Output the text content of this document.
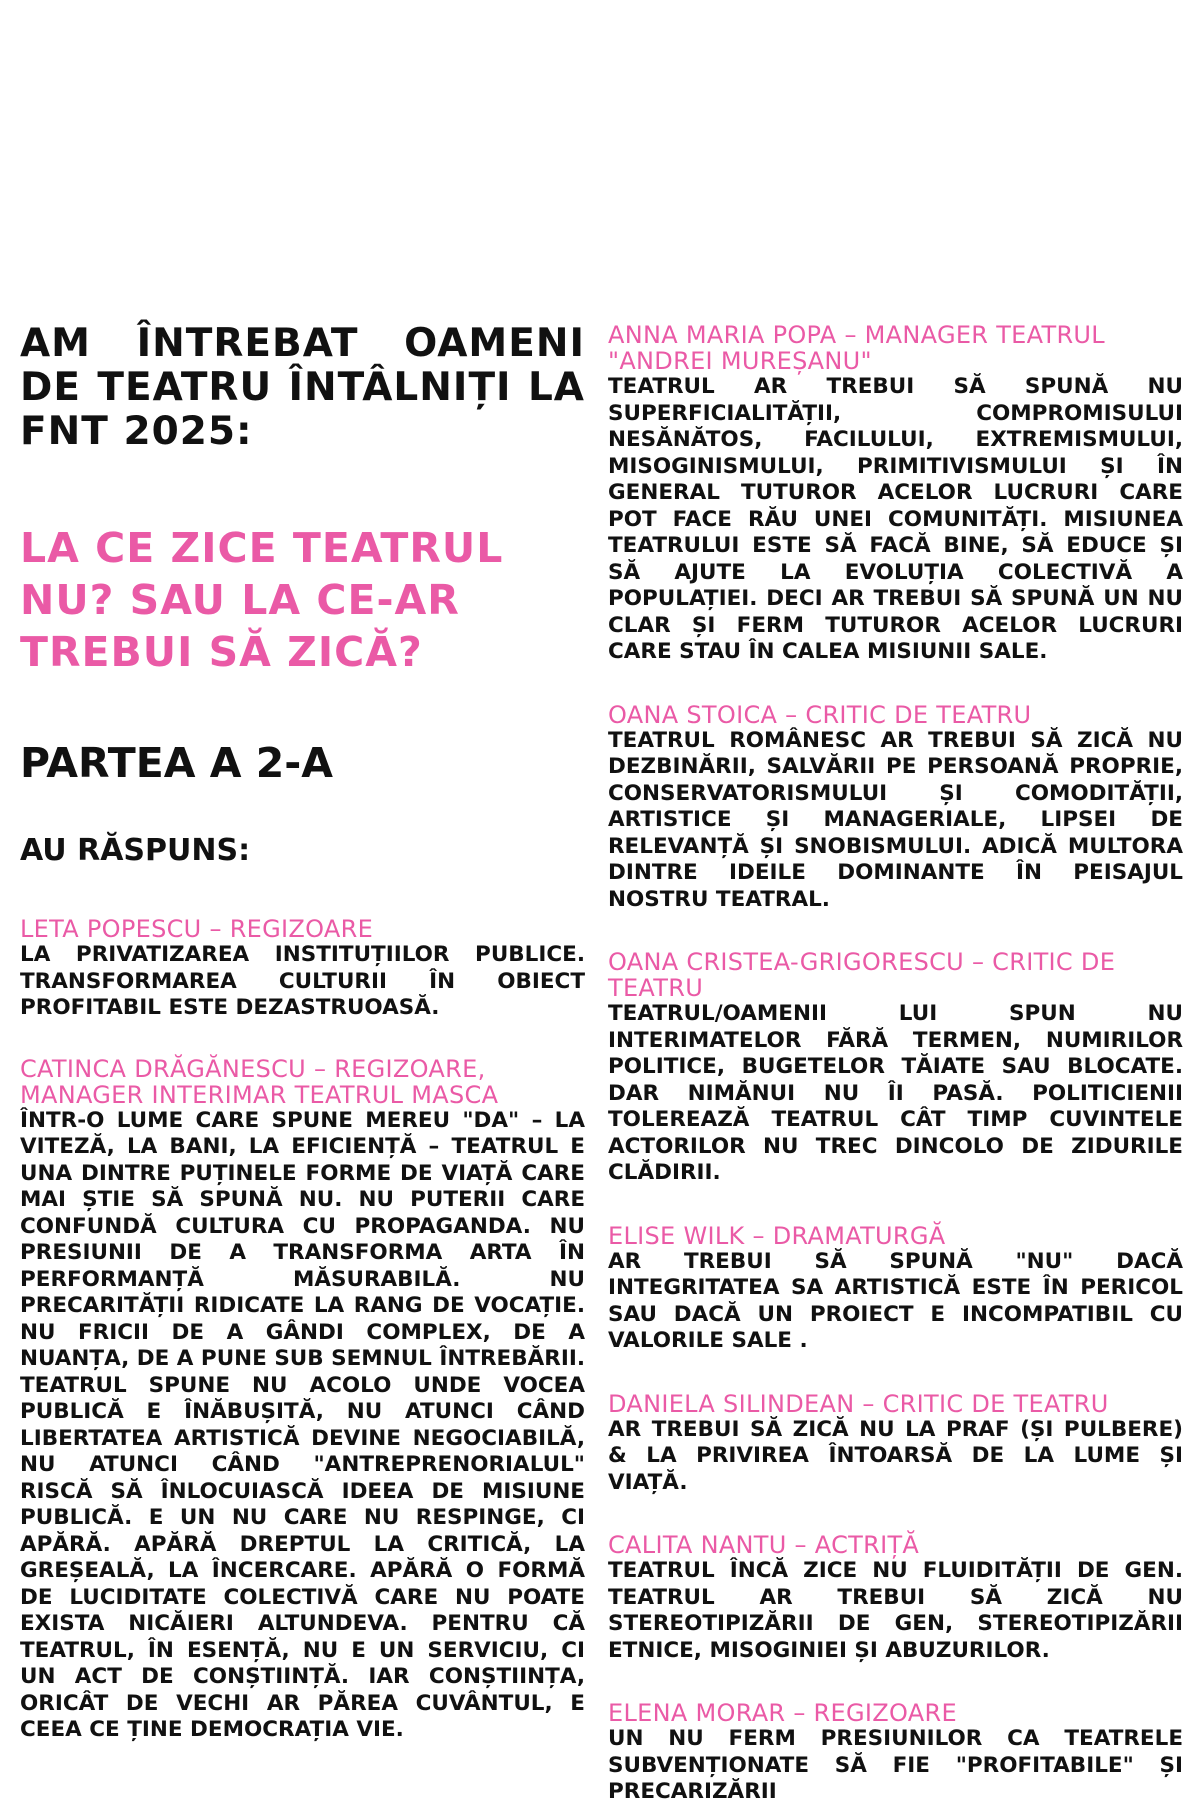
AM ÎNTREBAT OAMENI DE TEATRU ÎNTÂLNIȚI LA FNT 2025:

LA CE ZICE TEATRUL NU? SAU LA CE-AR TREBUI SĂ ZICĂ?

PARTEA A 2-A

AU RĂSPUNS:

LETA POPESCU – REGIZOARE

LA PRIVATIZAREA INSTITUȚIILOR PUBLICE. TRANSFORMAREA CULTURII ÎN OBIECT PROFITABIL ESTE DEZASTRUOASĂ.

CATINCA DRĂGĂNESCU – REGIZOARE, MANAGER INTERIMAR TEATRUL MASCA

ÎNTR-O LUME CARE SPUNE MEREU "DA" – LA VITEZĂ, LA BANI, LA EFICIENȚĂ – TEATRUL E UNA DINTRE PUȚINELE FORME DE VIAȚĂ CARE MAI ȘTIE SĂ SPUNĂ NU. NU PUTERII CARE CONFUNDĂ CULTURA CU PROPAGANDA. NU PRESIUNII DE A TRANSFORMA ARTA ÎN PERFORMANȚĂ MĂSURABILĂ. NU PRECARITĂȚII RIDICATE LA RANG DE VOCAȚIE. NU FRICII DE A GÂNDI COMPLEX, DE A NUANȚA, DE A PUNE SUB SEMNUL ÎNTREBĂRII. TEATRUL SPUNE NU ACOLO UNDE VOCEA PUBLICĂ E ÎNĂBUȘITĂ, NU ATUNCI CÂND LIBERTATEA ARTISTICĂ DEVINE NEGOCIABILĂ, NU ATUNCI CÂND "ANTREPRENORIALUL" RISCĂ SĂ ÎNLOCUIASCĂ IDEEA DE MISIUNE PUBLICĂ. E UN NU CARE NU RESPINGE, CI APĂRĂ. APĂRĂ DREPTUL LA CRITICĂ, LA GREȘEALĂ, LA ÎNCERCARE. APĂRĂ O FORMĂ DE LUCIDITATE COLECTIVĂ CARE NU POATE EXISTA NICĂIERI ALTUNDEVA. PENTRU CĂ TEATRUL, ÎN ESENȚĂ, NU E UN SERVICIU, CI UN ACT DE CONȘTIINȚĂ. IAR CONȘTIINȚA, ORICÂT DE VECHI AR PĂREA CUVÂNTUL, E CEEA CE ȚINE DEMOCRAȚIA VIE.

ANNA MARIA POPA – MANAGER TEATRUL "ANDREI MUREȘANU"

TEATRUL AR TREBUI SĂ SPUNĂ NU SUPERFICIALITĂȚII, COMPROMISULUI NESĂNĂTOS, FACILULUI, EXTREMISMULUI, MISOGINISMULUI, PRIMITIVISMULUI ȘI ÎN GENERAL TUTUROR ACELOR LUCRURI CARE POT FACE RĂU UNEI COMUNITĂȚI. MISIUNEA TEATRULUI ESTE SĂ FACĂ BINE, SĂ EDUCE ȘI SĂ AJUTE LA EVOLUȚIA COLECTIVĂ A POPULAȚIEI. DECI AR TREBUI SĂ SPUNĂ UN NU CLAR ȘI FERM TUTUROR ACELOR LUCRURI CARE STAU ÎN CALEA MISIUNII SALE.

OANA STOICA – CRITIC DE TEATRU

TEATRUL ROMÂNESC AR TREBUI SĂ ZICĂ NU DEZBINĂRII, SALVĂRII PE PERSOANĂ PROPRIE, CONSERVATORISMULUI ȘI COMODITĂȚII, ARTISTICE ȘI MANAGERIALE, LIPSEI DE RELEVANȚĂ ȘI SNOBISMULUI. ADICĂ MULTORA DINTRE IDEILE DOMINANTE ÎN PEISAJUL NOSTRU TEATRAL.

OANA CRISTEA-GRIGORESCU – CRITIC DE TEATRU

TEATRUL/OAMENII LUI SPUN NU INTERIMATELOR FĂRĂ TERMEN, NUMIRILOR POLITICE, BUGETELOR TĂIATE SAU BLOCATE. DAR NIMĂNUI NU ÎI PASĂ. POLITICIENII TOLEREAZĂ TEATRUL CÂT TIMP CUVINTELE ACTORILOR NU TREC DINCOLO DE ZIDURILE CLĂDIRII.

ELISE WILK – DRAMATURGĂ

AR TREBUI SĂ SPUNĂ "NU" DACĂ INTEGRITATEA SA ARTISTICĂ ESTE ÎN PERICOL SAU DACĂ UN PROIECT E INCOMPATIBIL CU VALORILE SALE .

DANIELA SILINDEAN – CRITIC DE TEATRU

AR TREBUI SĂ ZICĂ NU LA PRAF (ȘI PULBERE) & LA PRIVIREA ÎNTOARSĂ DE LA LUME ȘI VIAȚĂ.

CALITA NANTU – ACTRIȚĂ

TEATRUL ÎNCĂ ZICE NU FLUIDITĂȚII DE GEN. TEATRUL AR TREBUI SĂ ZICĂ NU STEREOTIPIZĂRII DE GEN, STEREOTIPIZĂRII ETNICE, MISOGINIEI ȘI ABUZURILOR.

ELENA MORAR – REGIZOARE

UN NU FERM PRESIUNILOR CA TEATRELE SUBVENȚIONATE SĂ FIE "PROFITABILE" ȘI PRECARIZĂRII
